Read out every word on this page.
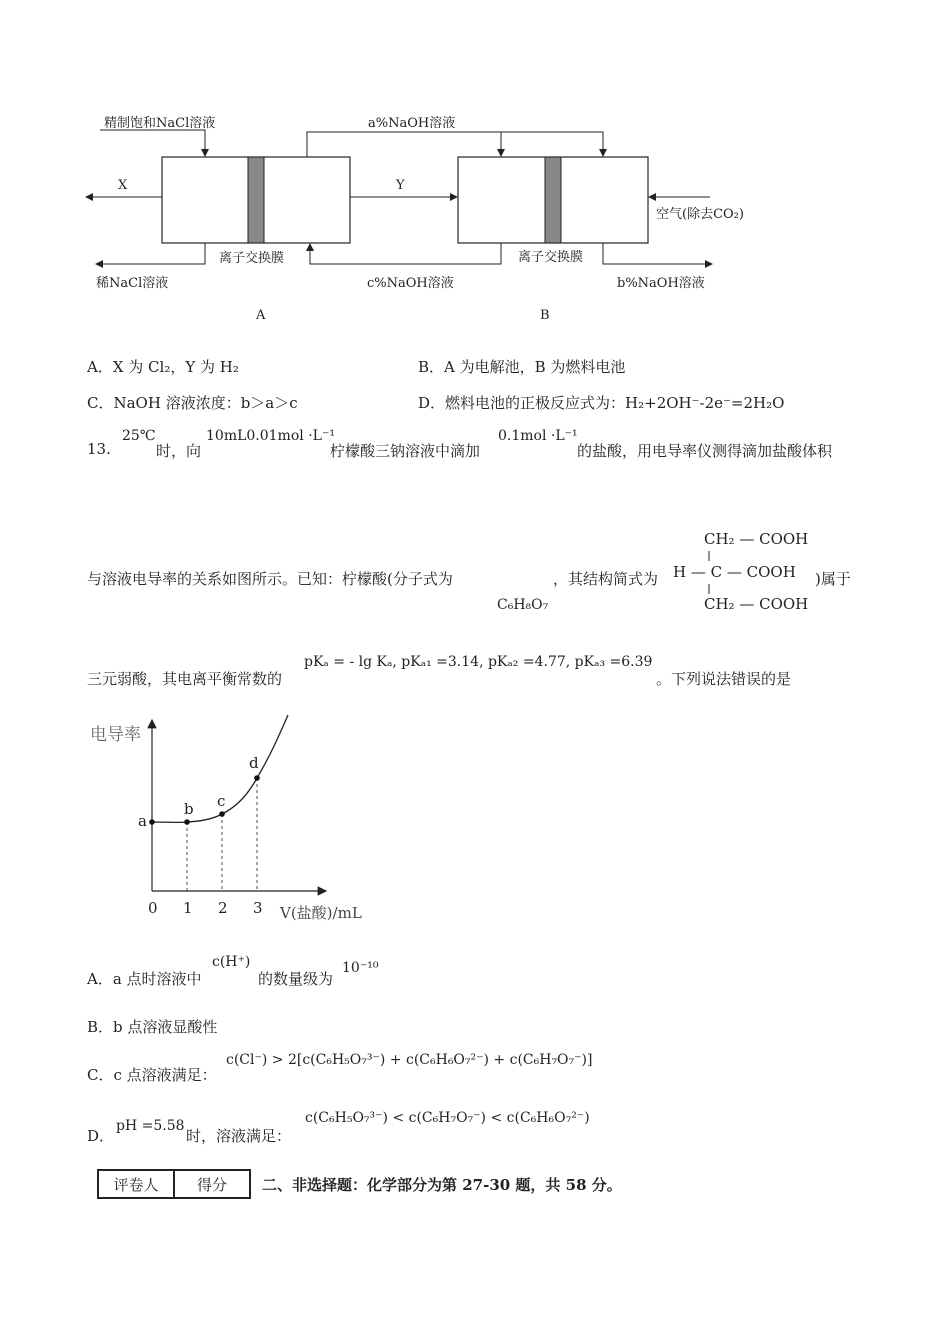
精制饱和NaCl溶液	a%NaOH溶液
X	Y
空气(除去CO₂)
离子交换膜	离子交换膜
稀NaCl溶液	c%NaOH溶液	b%NaOH溶液
A	B
A．X 为 Cl₂，Y 为 H₂	B．A 为电解池，B 为燃料电池
C．NaOH 溶液浓度：b＞a＞c	D．燃料电池的正极反应式为：H₂+2OH⁻-2e⁻=2H₂O
13.
25℃
时，向
10mL0.01mol ·L⁻¹
柠檬酸三钠溶液中滴加
0.1mol ·L⁻¹
的盐酸，用电导率仪测得滴加盐酸体积
与溶液电导率的关系如图所示。已知：柠檬酸(分子式为	，其结构简式为	)属于
C₆H₈O₇
CH₂ — COOH
H — C — COOH
CH₂ — COOH
三元弱酸，其电离平衡常数的
pKₐ = - lg Kₐ, pKₐ₁ =3.14, pKₐ₂ =4.77, pKₐ₃ =6.39
。下列说法错误的是
a
b c
d
0 1 2 3
电导率
V(盐酸)/mL
A．a 点时溶液中
c(H⁺)
的数量级为
10⁻¹⁰
B．b 点溶液显酸性
C．c 点溶液满足：
c(Cl⁻) > 2[c(C₆H₅O₇³⁻) + c(C₆H₆O₇²⁻) + c(C₆H₇O₇⁻)]
D．
pH =5.58
时，溶液满足：
c(C₆H₅O₇³⁻) < c(C₆H₇O₇⁻) < c(C₆H₆O₇²⁻)
评卷人	得分 二、非选择题：化学部分为第 27-30 题，共 58 分。
